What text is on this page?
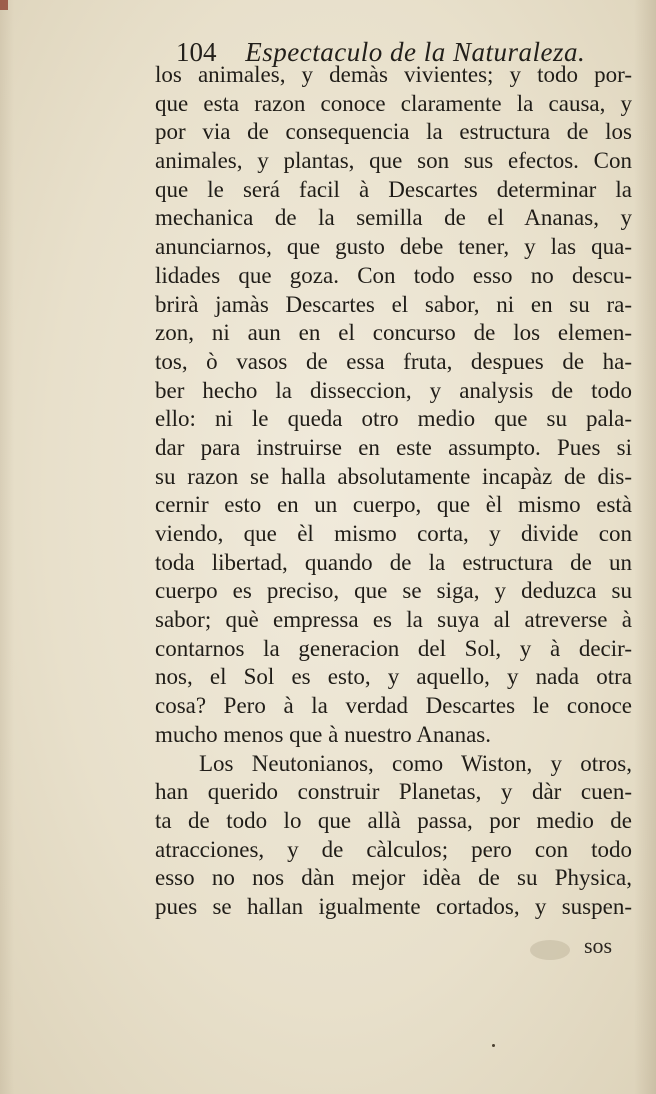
104 Espectaculo de la Naturaleza.
los animales, y demàs vivientes; y todo por-
que esta razon conoce claramente la causa, y
por via de consequencia la estructura de los
animales, y plantas, que son sus efectos. Con
que le será facil à Descartes determinar la
mechanica de la semilla de el Ananas, y
anunciarnos, que gusto debe tener, y las qua-
lidades que goza. Con todo esso no descu-
brirà jamàs Descartes el sabor, ni en su ra-
zon, ni aun en el concurso de los elemen-
tos, ò vasos de essa fruta, despues de ha-
ber hecho la disseccion, y analysis de todo
ello: ni le queda otro medio que su pala-
dar para instruirse en este assumpto. Pues si
su razon se halla absolutamente incapàz de dis-
cernir esto en un cuerpo, que èl mismo està
viendo, que èl mismo corta, y divide con
toda libertad, quando de la estructura de un
cuerpo es preciso, que se siga, y deduzca su
sabor; què empressa es la suya al atreverse à
contarnos la generacion del Sol, y à decir-
nos, el Sol es esto, y aquello, y nada otra
cosa? Pero à la verdad Descartes le conoce
mucho menos que à nuestro Ananas.
Los Neutonianos, como Wiston, y otros,
han querido construir Planetas, y dàr cuen-
ta de todo lo que allà passa, por medio de
atracciones, y de càlculos; pero con todo
esso no nos dàn mejor idèa de su Physica,
pues se hallan igualmente cortados, y suspen-
sos
